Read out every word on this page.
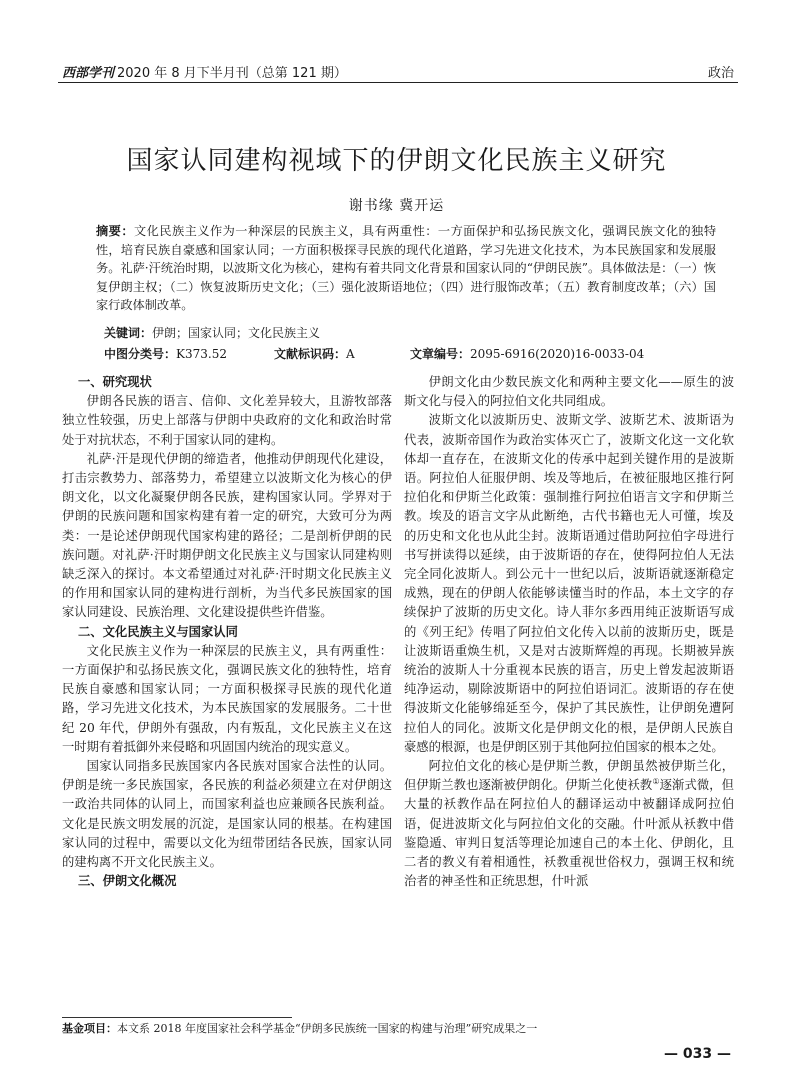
西部学刊 2020 年 8 月下半月刊（总第 121 期）	政治
国家认同建构视域下的伊朗文化民族主义研究
谢书缘 冀开运
摘要：文化民族主义作为一种深层的民族主义，具有两重性：一方面保护和弘扬民族文化，强调民族文化的独特性，培育民族自豪感和国家认同；一方面积极探寻民族的现代化道路，学习先进文化技术，为本民族国家和发展服务。礼萨·汗统治时期，以波斯文化为核心，建构有着共同文化背景和国家认同的“伊朗民族”。具体做法是：（一）恢复伊朗主权；（二）恢复波斯历史文化；（三）强化波斯语地位；（四）进行服饰改革；（五）教育制度改革；（六）国家行政体制改革。
关键词：伊朗；国家认同；文化民族主义
中图分类号：K373.52	文献标识码：A	文章编号：2095-6916(2020)16-0033-04
一、研究现状

伊朗各民族的语言、信仰、文化差异较大，且游牧部落独立性较强，历史上部落与伊朗中央政府的文化和政治时常处于对抗状态，不利于国家认同的建构。

礼萨·汗是现代伊朗的缔造者，他推动伊朗现代化建设，打击宗教势力、部落势力，希望建立以波斯文化为核心的伊朗文化，以文化凝聚伊朗各民族，建构国家认同。学界对于伊朗的民族问题和国家构建有着一定的研究，大致可分为两类：一是论述伊朗现代国家构建的路径；二是剖析伊朗的民族问题。对礼萨·汗时期伊朗文化民族主义与国家认同建构则缺乏深入的探讨。本文希望通过对礼萨·汗时期文化民族主义的作用和国家认同的建构进行剖析，为当代多民族国家的国家认同建设、民族治理、文化建设提供些许借鉴。

二、文化民族主义与国家认同

文化民族主义作为一种深层的民族主义，具有两重性：一方面保护和弘扬民族文化，强调民族文化的独特性，培育民族自豪感和国家认同；一方面积极探寻民族的现代化道路，学习先进文化技术，为本民族国家的发展服务。二十世纪 20 年代，伊朗外有强敌，内有叛乱，文化民族主义在这一时期有着抵御外来侵略和巩固国内统治的现实意义。

国家认同指多民族国家内各民族对国家合法性的认同。伊朗是统一多民族国家，各民族的利益必须建立在对伊朗这一政治共同体的认同上，而国家利益也应兼顾各民族利益。文化是民族文明发展的沉淀，是国家认同的根基。在构建国家认同的过程中，需要以文化为纽带团结各民族，国家认同的建构离不开文化民族主义。

三、伊朗文化概况

伊朗文化由少数民族文化和两种主要文化——原生的波斯文化与侵入的阿拉伯文化共同组成。

波斯文化以波斯历史、波斯文学、波斯艺术、波斯语为代表，波斯帝国作为政治实体灭亡了，波斯文化这一文化软体却一直存在，在波斯文化的传承中起到关键作用的是波斯语。阿拉伯人征服伊朗、埃及等地后，在被征服地区推行阿拉伯化和伊斯兰化政策：强制推行阿拉伯语言文字和伊斯兰教。埃及的语言文字从此断绝，古代书籍也无人可懂，埃及的历史和文化也从此尘封。波斯语通过借助阿拉伯字母进行书写拼读得以延续，由于波斯语的存在，使得阿拉伯人无法完全同化波斯人。到公元十一世纪以后，波斯语就逐渐稳定成熟，现在的伊朗人依能够读懂当时的作品，本土文字的存续保护了波斯的历史文化。诗人菲尔多西用纯正波斯语写成的《列王纪》传唱了阿拉伯文化传入以前的波斯历史，既是让波斯语重焕生机，又是对古波斯辉煌的再现。长期被异族统治的波斯人十分重视本民族的语言，历史上曾发起波斯语纯净运动，剔除波斯语中的阿拉伯语词汇。波斯语的存在使得波斯文化能够绵延至今，保护了其民族性，让伊朗免遭阿拉伯人的同化。波斯文化是伊朗文化的根，是伊朗人民族自豪感的根源，也是伊朗区别于其他阿拉伯国家的根本之处。

阿拉伯文化的核心是伊斯兰教，伊朗虽然被伊斯兰化，但伊斯兰教也逐渐被伊朗化。伊斯兰化使袄教①逐渐式微，但大量的袄教作品在阿拉伯人的翻译运动中被翻译成阿拉伯语，促进波斯文化与阿拉伯文化的交融。什叶派从袄教中借鉴隐遁、审判日复活等理论加速自己的本土化、伊朗化，且二者的教义有着相通性，袄教重视世俗权力，强调王权和统治者的神圣性和正统思想，什叶派

基金项目：本文系 2018 年度国家社会科学基金“伊朗多民族统一国家的构建与治理”研究成果之一
— 033 —
